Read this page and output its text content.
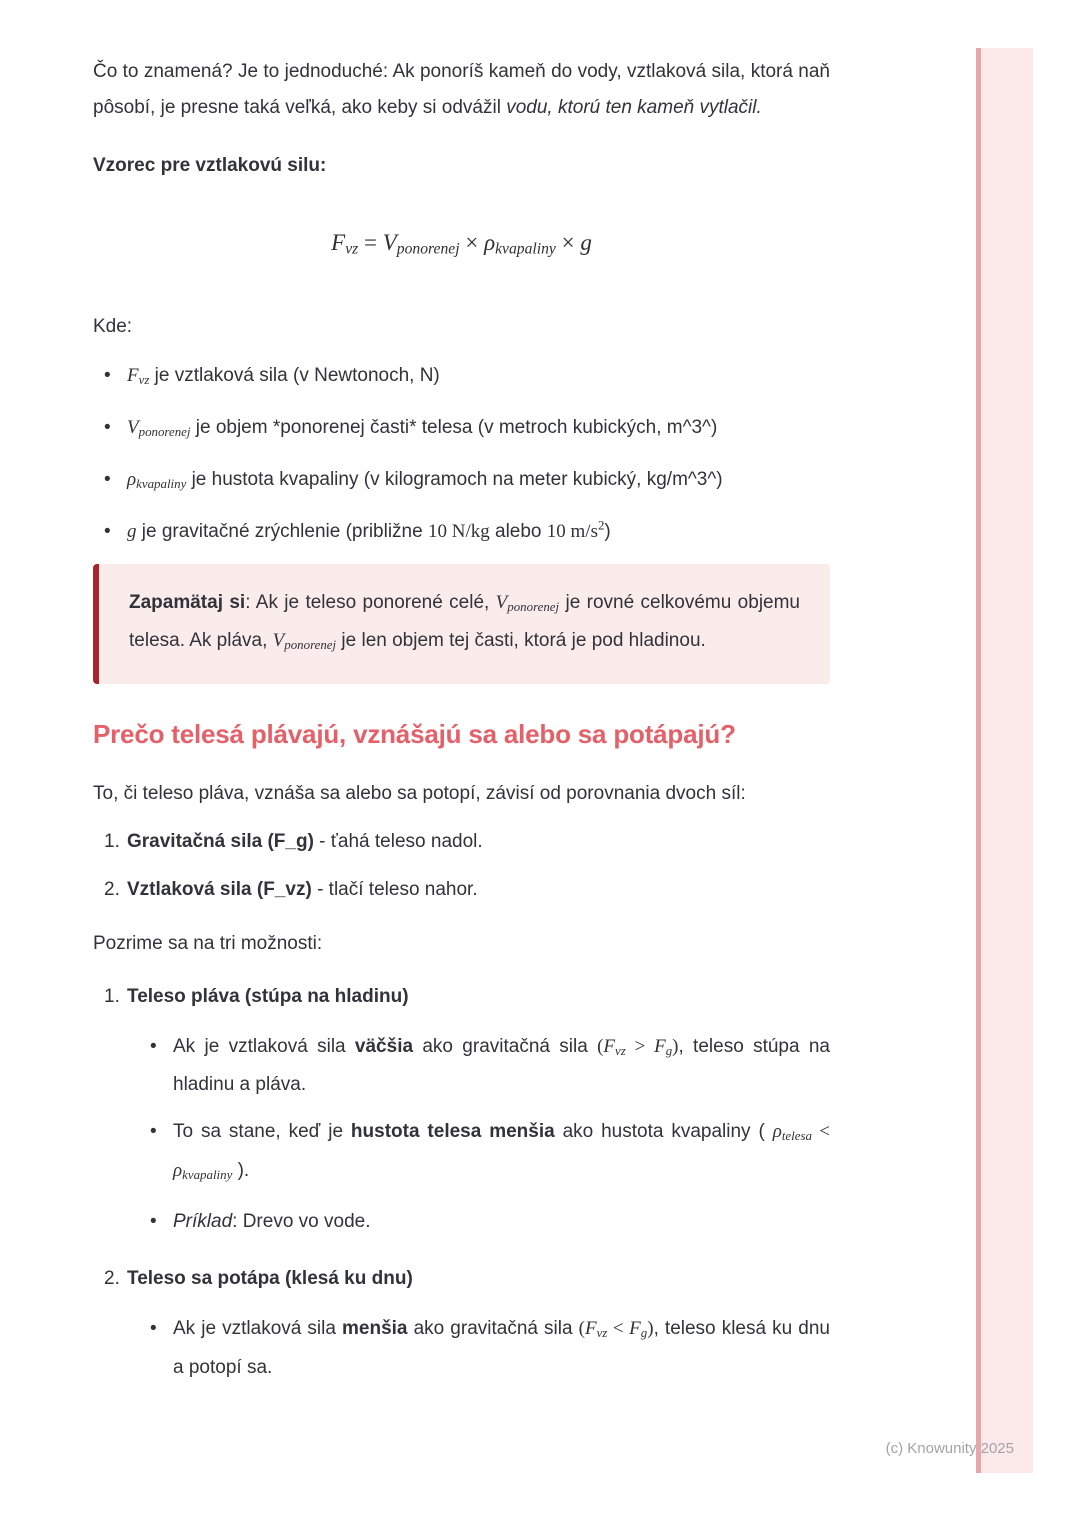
Čo to znamená? Je to jednoduché: Ak ponoríš kameň do vody, vztlaková sila, ktorá naň pôsobí, je presne taká veľká, ako keby si odvážil vodu, ktorú ten kameň vytlačil.

Vzorec pre vztlakovú silu:

Fvz = Vponorenej × ρkvapaliny × g

Kde:

• Fvz je vztlaková sila (v Newtonoch, N)
• Vponorenej je objem *ponorenej časti* telesa (v metroch kubických, m^3^)
• ρkvapaliny je hustota kvapaliny (v kilogramoch na meter kubický, kg/m^3^)
• g je gravitačné zrýchlenie (približne 10 N/kg alebo 10 $m/s^2$)

Zapamätaj si: Ak je teleso ponorené celé, Vponorenej je rovné celkovému objemu telesa. Ak pláva, Vponorenej je len objem tej časti, ktorá je pod hladinou.

Prečo telesá plávajú, vznášajú sa alebo sa potápajú?

To, či teleso pláva, vznáša sa alebo sa potopí, závisí od porovnania dvoch síl:

1. Gravitačná sila (F_g) - ťahá teleso nadol.
2. Vztlaková sila (F_vz) - tlačí teleso nahor.

Pozrime sa na tri možnosti:

1. Teleso pláva (stúpa na hladinu)
• Ak je vztlaková sila väčšia ako gravitačná sila (Fvz > Fg), teleso stúpa na hladinu a pláva.
• To sa stane, keď je hustota telesa menšia ako hustota kvapaliny ( ρtelesa < ρkvapaliny ).
• Príklad: Drevo vo vode.
2. Teleso sa potápa (klesá ku dnu)
• Ak je vztlaková sila menšia ako gravitačná sila (Fvz < Fg), teleso klesá ku dnu a potopí sa.
(c) Knowunity 2025
